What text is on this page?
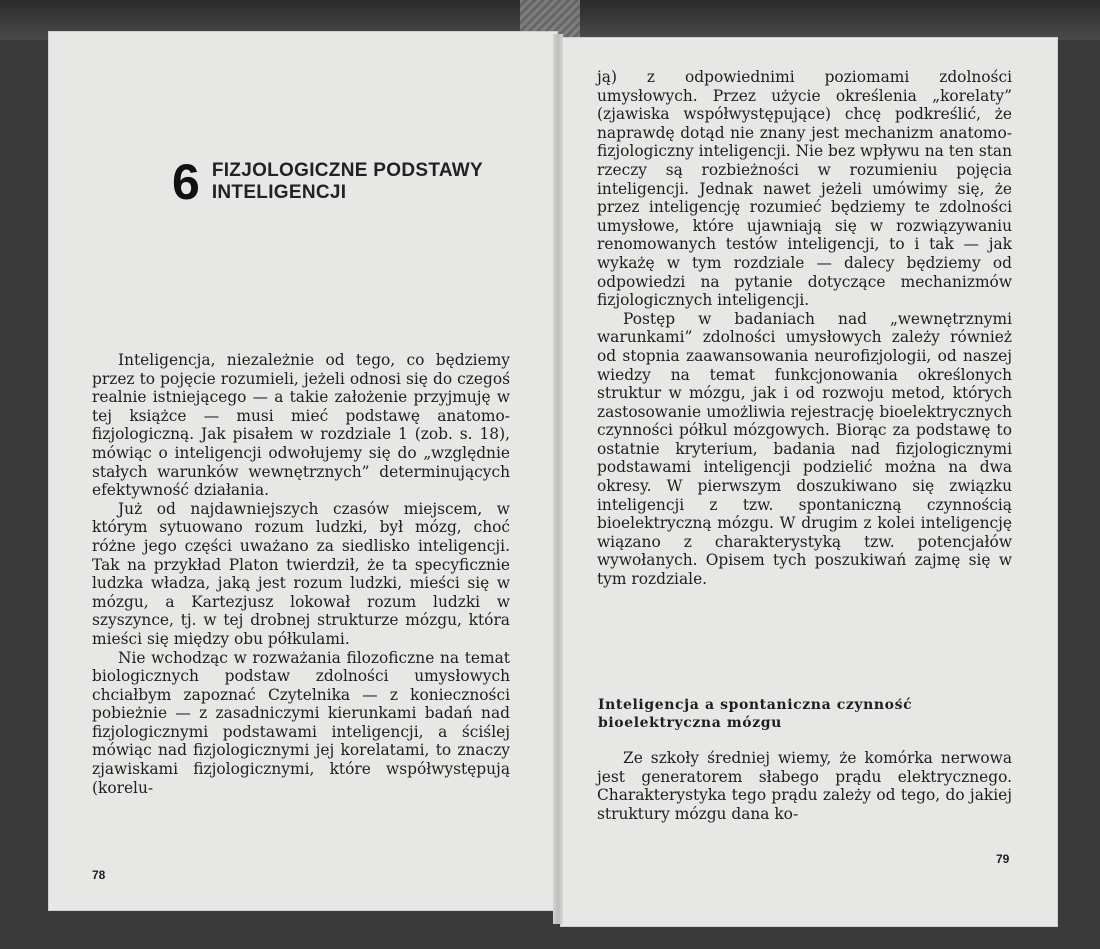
6 FIZJOLOGICZNE PODSTAWY
INTELIGENCJI

Inteligencja, niezależnie od tego, co będziemy przez to pojęcie rozumieli, jeżeli odnosi się do czegoś realnie istniejącego — a takie założenie przyjmuję w tej książce — musi mieć podstawę anatomo-fizjologiczną. Jak pisałem w rozdziale 1 (zob. s. 18), mówiąc o inteligencji odwołujemy się do „względnie stałych warunków wewnętrznych” determinujących efektywność działania.

Już od najdawniejszych czasów miejscem, w którym sytuowano rozum ludzki, był mózg, choć różne jego części uważano za siedlisko inteligencji. Tak na przykład Platon twierdził, że ta specyficznie ludzka władza, jaką jest rozum ludzki, mieści się w mózgu, a Kartezjusz lokował rozum ludzki w szyszynce, tj. w tej drobnej strukturze mózgu, która mieści się między obu półkulami.

Nie wchodząc w rozważania filozoficzne na temat biologicznych podstaw zdolności umysłowych chciałbym zapoznać Czytelnika — z konieczności pobieżnie — z zasadniczymi kierunkami badań nad fizjologicznymi podstawami inteligencji, a ściślej mówiąc nad fizjologicznymi jej korelatami, to znaczy zjawiskami fizjologicznymi, które współwystępują (korelu-

78

ją) z odpowiednimi poziomami zdolności umysłowych. Przez użycie określenia „korelaty” (zjawiska współwystępujące) chcę podkreślić, że naprawdę dotąd nie znany jest mechanizm anatomo-fizjologiczny inteligencji. Nie bez wpływu na ten stan rzeczy są rozbieżności w rozumieniu pojęcia inteligencji. Jednak nawet jeżeli umówimy się, że przez inteligencję rozumieć będziemy te zdolności umysłowe, które ujawniają się w rozwiązywaniu renomowanych testów inteligencji, to i tak — jak wykażę w tym rozdziale — dalecy będziemy od odpowiedzi na pytanie dotyczące mechanizmów fizjologicznych inteligencji.

Postęp w badaniach nad „wewnętrznymi warunkami” zdolności umysłowych zależy również od stopnia zaawansowania neurofizjologii, od naszej wiedzy na temat funkcjonowania określonych struktur w mózgu, jak i od rozwoju metod, których zastosowanie umożliwia rejestrację bioelektrycznych czynności półkul mózgowych. Biorąc za podstawę to ostatnie kryterium, badania nad fizjologicznymi podstawami inteligencji podzielić można na dwa okresy. W pierwszym doszukiwano się związku inteligencji z tzw. spontaniczną czynnością bioelektryczną mózgu. W drugim z kolei inteligencję wiązano z charakterystyką tzw. potencjałów wywołanych. Opisem tych poszukiwań zajmę się w tym rozdziale.

Inteligencja a spontaniczna czynność bioelektryczna mózgu

Ze szkoły średniej wiemy, że komórka nerwowa jest generatorem słabego prądu elektrycznego. Charakterystyka tego prądu zależy od tego, do jakiej struktury mózgu dana ko-

79
